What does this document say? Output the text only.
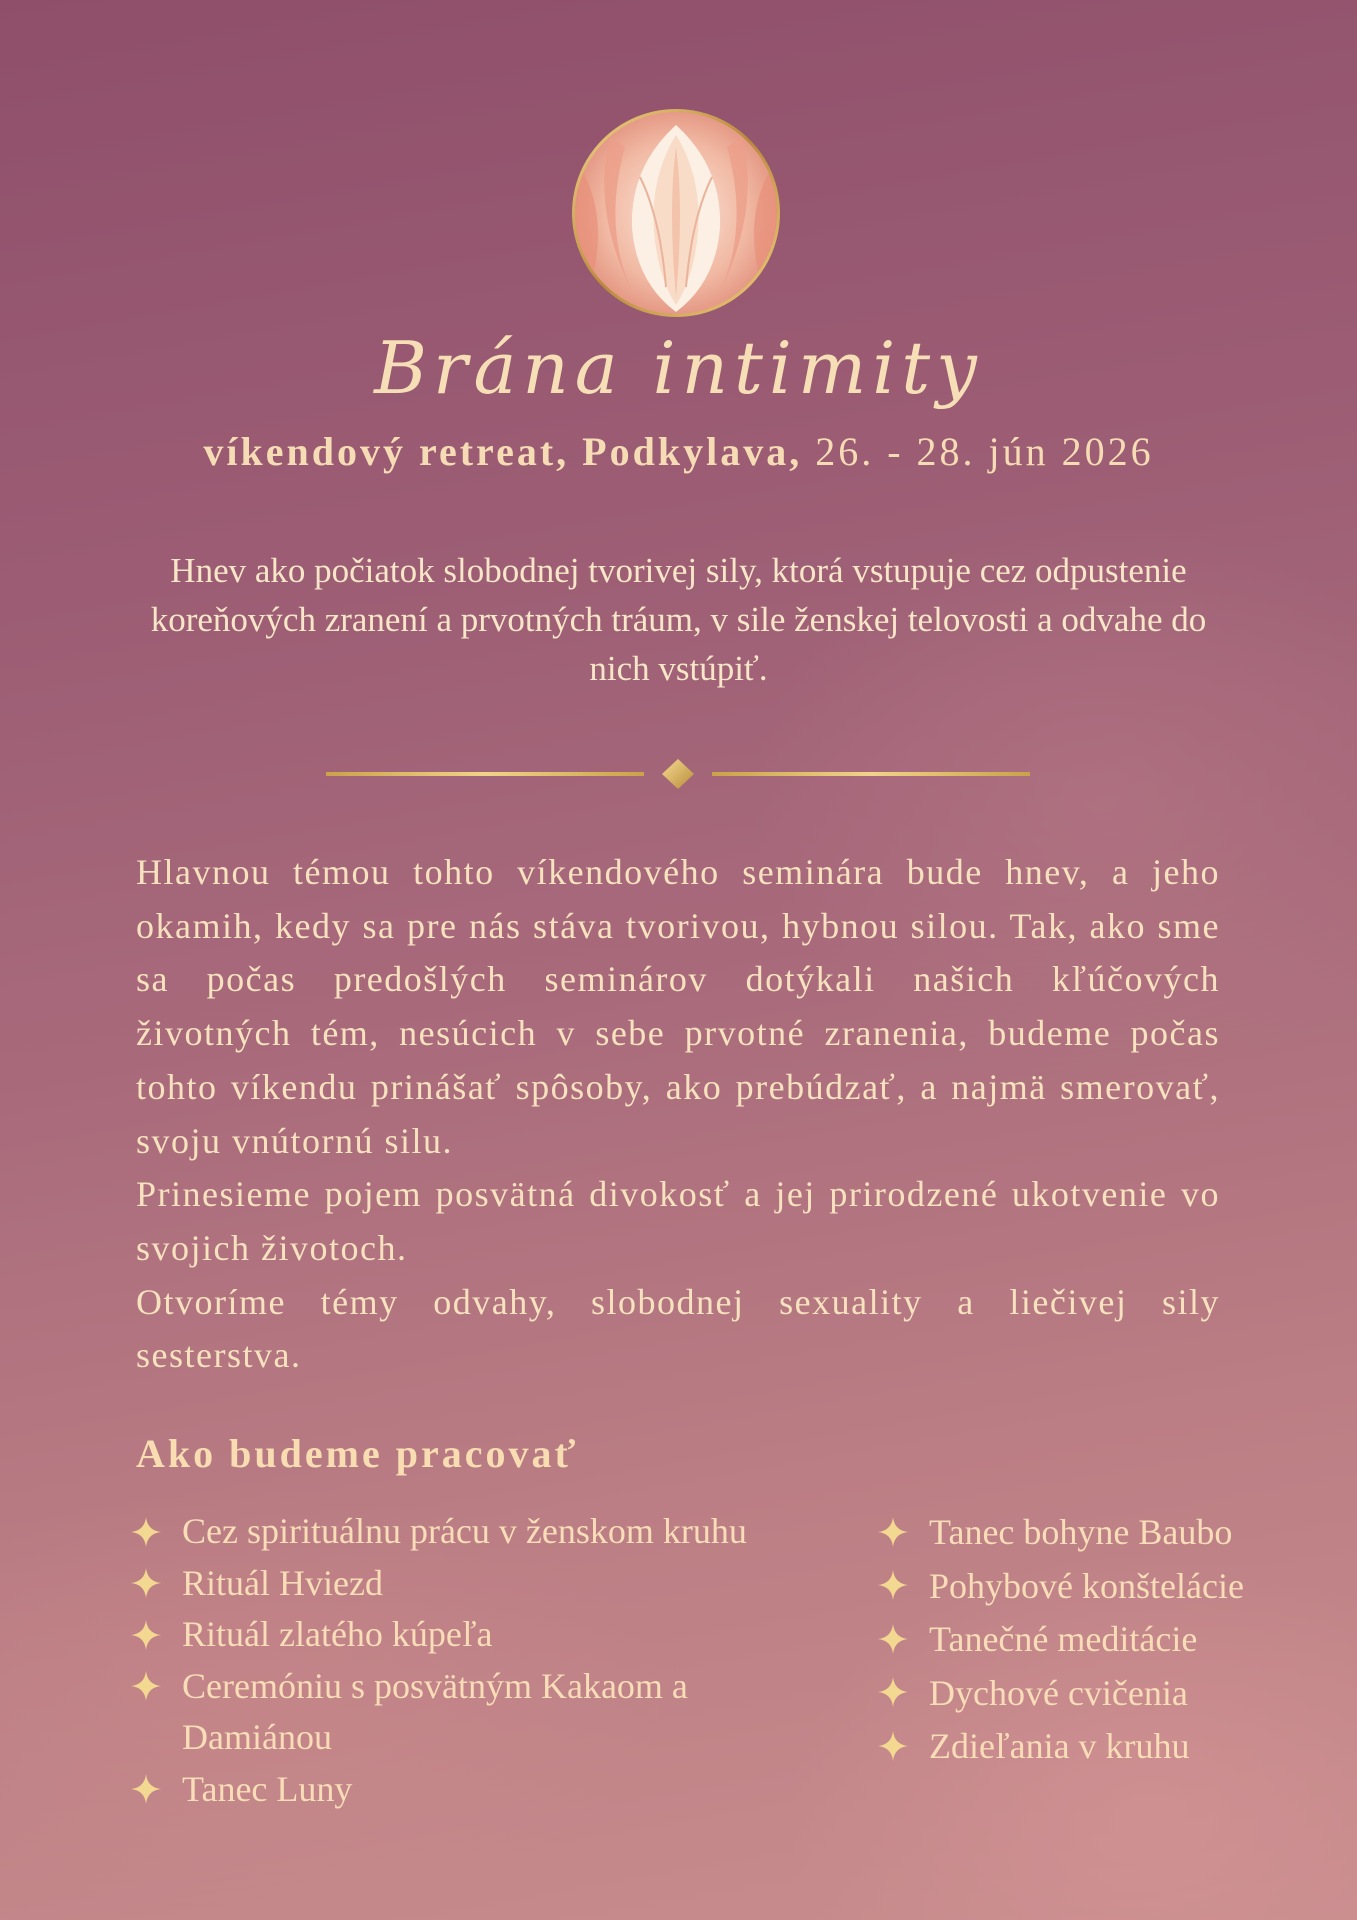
Brána intimity

víkendový retreat, Podkylava, 26. - 28. jún 2026

Hnev ako počiatok slobodnej tvorivej sily, ktorá vstupuje cez odpustenie koreňových zranení a prvotných tráum, v sile ženskej telovosti a odvahe do nich vstúpiť.

Hlavnou témou tohto víkendového seminára bude hnev, a jeho okamih, kedy sa pre nás stáva tvorivou, hybnou silou. Tak, ako sme sa počas predošlých seminárov dotýkali našich kľúčových životných tém, nesúcich v sebe prvotné zranenia, budeme počas tohto víkendu prinášať spôsoby, ako prebúdzať, a najmä smerovať, svoju vnútornú silu.

Prinesieme pojem posvätná divokosť a jej prirodzené ukotvenie vo svojich životoch.

Otvoríme témy odvahy, slobodnej sexuality a liečivej sily sesterstva.

Ako budeme pracovať
Cez spirituálnu prácu v ženskom kruhu
Rituál Hviezd
Rituál zlatého kúpeľa
Ceremóniu s posvätným Kakaom a Damiánou
Tanec Luny
Tanec bohyne Baubo
Pohybové konštelácie
Tanečné meditácie
Dychové cvičenia
Zdieľania v kruhu
